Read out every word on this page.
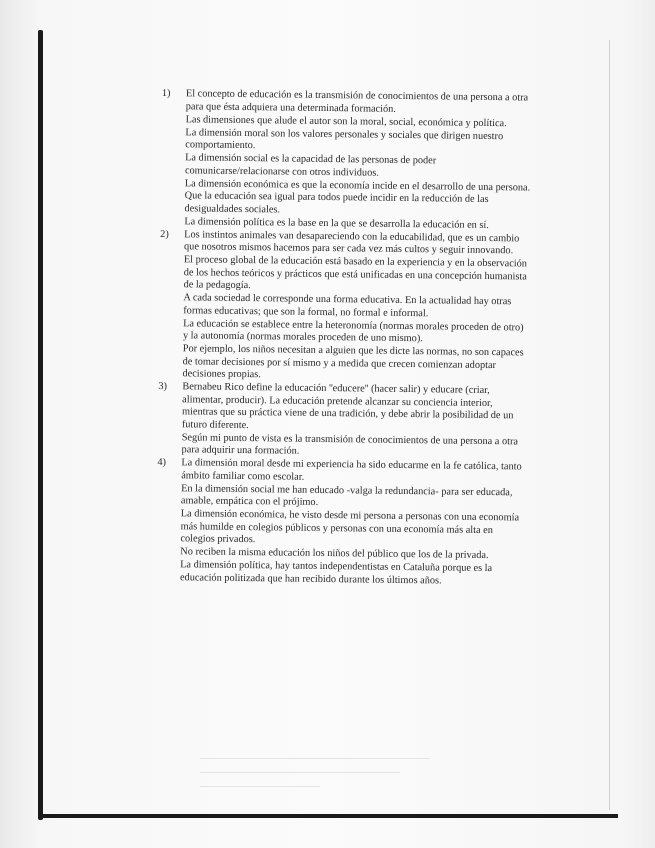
1)	El concepto de educación es la transmisión de conocimientos de una persona a otra para que ésta adquiera una determinada formación.

Las dimensiones que alude el autor son la moral, social, económica y política.

La dimensión moral son los valores personales y sociales que dirigen nuestro comportamiento.

La dimensión social es la capacidad de las personas de poder comunicarse/relacionarse con otros individuos.

La dimensión económica es que la economía incide en el desarrollo de una persona. Que la educación sea igual para todos puede incidir en la reducción de las desigualdades sociales.

La dimensión política es la base en la que se desarrolla la educación en sí.

2)	Los instintos animales van desapareciendo con la educabilidad, que es un cambio que nosotros mismos hacemos para ser cada vez más cultos y seguir innovando.

El proceso global de la educación está basado en la experiencia y en la observación de los hechos teóricos y prácticos que está unificadas en una concepción humanista de la pedagogía.

A cada sociedad le corresponde una forma educativa. En la actualidad hay otras formas educativas; que son la formal, no formal e informal.

La educación se establece entre la heteronomía (normas morales proceden de otro) y la autonomía (normas morales proceden de uno mismo).

Por ejemplo, los niños necesitan a alguien que les dicte las normas, no son capaces de tomar decisiones por sí mismo y a medida que crecen comienzan adoptar decisiones propias.

3)	Bernabeu Rico define la educación ''educere'' (hacer salir) y educare (criar, alimentar, producir). La educación pretende alcanzar su conciencia interior, mientras que su práctica viene de una tradición, y debe abrir la posibilidad de un futuro diferente.

Según mi punto de vista es la transmisión de conocimientos de una persona a otra para adquirir una formación.

4)	La dimensión moral desde mi experiencia ha sido educarme en la fe católica, tanto ámbito familiar como escolar.

En la dimensión social me han educado -valga la redundancia- para ser educada, amable, empática con el prójimo.

La dimensión económica, he visto desde mi persona a personas con una economía más humilde en colegios públicos y personas con una economía más alta en colegios privados.

No reciben la misma educación los niños del público que los de la privada.

La dimensión política, hay tantos independentistas en Cataluña porque es la educación politizada que han recibido durante los últimos años.
